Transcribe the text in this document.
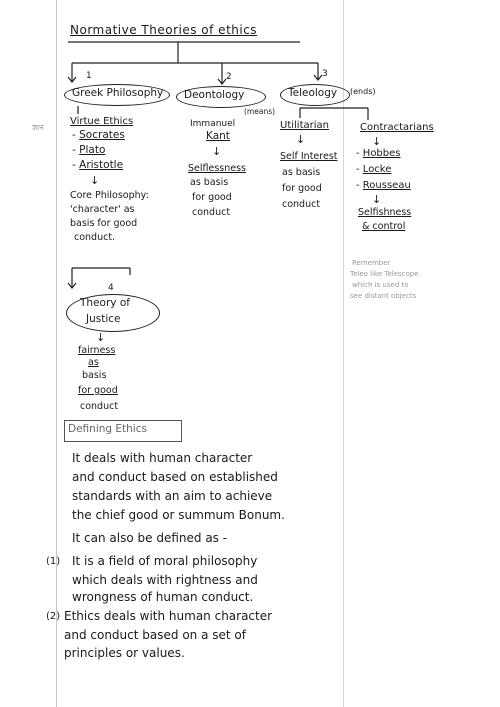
Normative Theories of ethics
1
Greek Philosophy
ज्ञान
Virtue Ethics
- Socrates
- Plato
- Aristotle
↓
Core Philosophy:
'character' as
basis for good
conduct.
2
Deontology
(means)
Immanuel
Kant
↓
Selflessness
as basis
for good
conduct
3
Teleology (ends)
Utilitarian
↓
Self Interest
as basis
for good
conduct
Contractarians
↓
- Hobbes
- Locke
- Rousseau
↓
Selfishness
& control
Remember
Teleo like Telescope
which is used to
see distant objects
4
Theory of
Justice
↓
fairness
as
basis
for good
conduct
Defining Ethics
It deals with human character
and conduct based on established
standards with an aim to achieve
the chief good or summum Bonum.
It can also be defined as -
(1) It is a field of moral philosophy
which deals with rightness and
wrongness of human conduct.
(2) Ethics deals with human character
and conduct based on a set of
principles or values.
